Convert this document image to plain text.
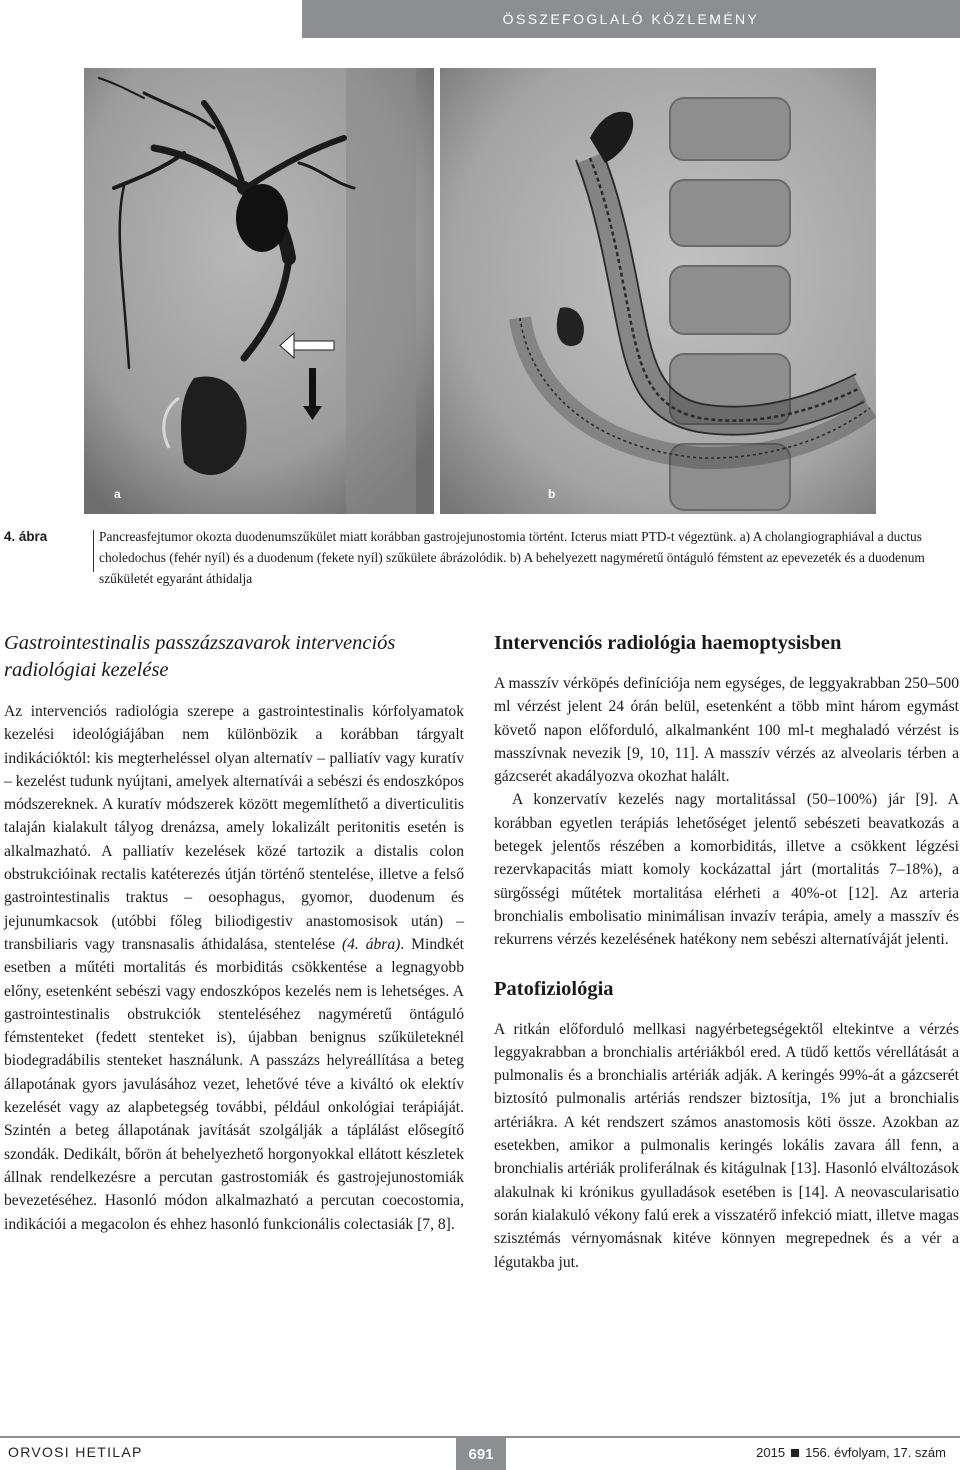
ÖSSZEFOGLALÓ KÖZLEMÉNY
a	b
4. ábra	Pancreasfejtumor okozta duodenumszűkület miatt korábban gastrojejunostomia történt. Icterus miatt PTD-t végeztünk. a) A cholangiographiával a ductus choledochus (fehér nyíl) és a duodenum (fekete nyíl) szűkülete ábrázolódik. b) A behelyezett nagyméretű öntáguló fémstent az epevezeték és a duodenum szűkületét egyaránt áthidalja
Gastrointestinalis passzázszavarok intervenciós radiológiai kezelése

Az intervenciós radiológia szerepe a gastrointestinalis kórfolyamatok kezelési ideológiájában nem különbözik a korábban tárgyalt indikációktól: kis megterheléssel olyan alternatív – palliatív vagy kuratív – kezelést tudunk nyújtani, amelyek alternatívái a sebészi és endoszkópos módszereknek. A kuratív módszerek között megemlíthető a diverticulitis talaján kialakult tályog drenázsa, amely lokalizált peritonitis esetén is alkalmazható. A palliatív kezelések közé tartozik a distalis colon obstrukcióinak rectalis katéterezés útján történő stentelése, illetve a felső gastrointestinalis traktus – oesophagus, gyomor, duodenum és jejunumkacsok (utóbbi főleg biliodigestiv anastomosisok után) – transbiliaris vagy transnasalis áthidalása, stentelése (4. ábra). Mindkét esetben a műtéti mortalitás és morbiditás csökkentése a legnagyobb előny, esetenként sebészi vagy endoszkópos kezelés nem is lehetséges. A gastrointestinalis obstrukciók stenteléséhez nagyméretű öntáguló fémstenteket (fedett stenteket is), újabban benignus szűkületeknél biodegradábilis stenteket használunk. A passzázs helyreállítása a beteg állapotának gyors javulásához vezet, lehetővé téve a kiváltó ok elektív kezelését vagy az alapbetegség további, például onkológiai terápiáját. Szintén a beteg állapotának javítását szolgálják a táplálást elősegítő szondák. Dedikált, bőrön át behelyezhető horgonyokkal ellátott készletek állnak rendelkezésre a percutan gastrostomiák és gastrojejunostomiák bevezetéséhez. Hasonló módon alkalmazható a percutan coecostomia, indikációi a megacolon és ehhez hasonló funkcionális colectasiák [7, 8].

Intervenciós radiológia haemoptysisben

A masszív vérköpés definíciója nem egységes, de leggyakrabban 250–500 ml vérzést jelent 24 órán belül, esetenként a több mint három egymást követő napon előforduló, alkalmanként 100 ml-t meghaladó vérzést is masszívnak nevezik [9, 10, 11]. A masszív vérzés az alveolaris térben a gázcserét akadályozva okozhat halált.

A konzervatív kezelés nagy mortalitással (50–100%) jár [9]. A korábban egyetlen terápiás lehetőséget jelentő sebészeti beavatkozás a betegek jelentős részében a komorbiditás, illetve a csökkent légzési rezervkapacitás miatt komoly kockázattal járt (mortalitás 7–18%), a sürgősségi műtétek mortalitása elérheti a 40%-ot [12]. Az arteria bronchialis embolisatio minimálisan invazív terápia, amely a masszív és rekurrens vérzés kezelésének hatékony nem sebészi alternatíváját jelenti.

Patofiziológia

A ritkán előforduló mellkasi nagyérbetegségektől eltekintve a vérzés leggyakrabban a bronchialis artériákból ered. A tüdő kettős vérellátását a pulmonalis és a bronchialis artériák adják. A keringés 99%-át a gázcserét biztosító pulmonalis artériás rendszer biztosítja, 1% jut a bronchialis artériákra. A két rendszert számos anastomosis köti össze. Azokban az esetekben, amikor a pulmonalis keringés lokális zavara áll fenn, a bronchialis artériák proliferálnak és kitágulnak [13]. Hasonló elváltozások alakulnak ki krónikus gyulladások esetében is [14]. A neovascularisatio során kialakuló vékony falú erek a visszatérő infekció miatt, illetve magas szisztémás vérnyomásnak kitéve könnyen megrepednek és a vér a légutakba jut.

ORVOSI HETILAP	691	2015 156. évfolyam, 17. szám
